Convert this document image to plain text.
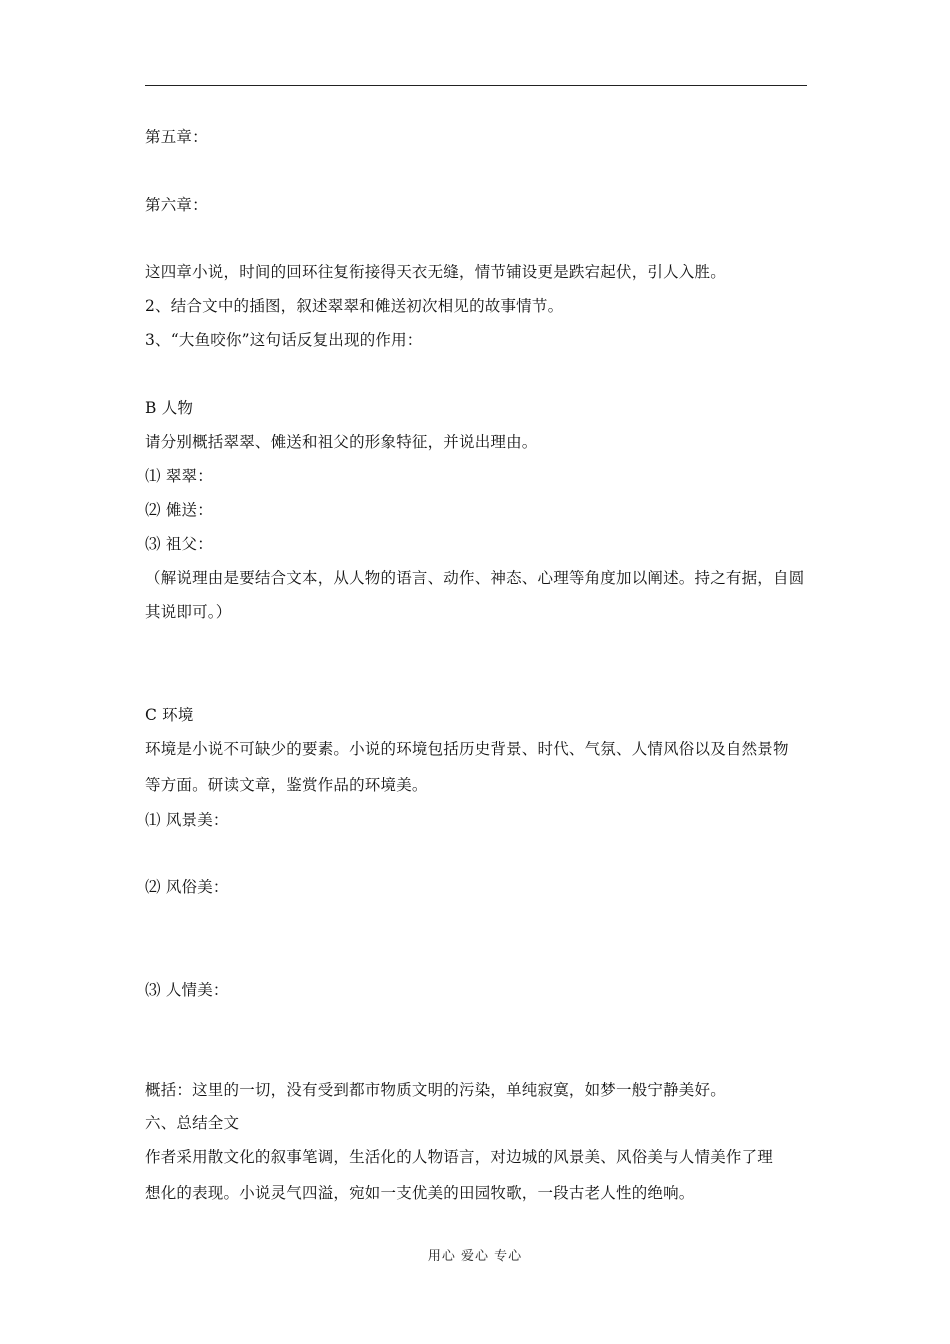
第五章：
第六章：
这四章小说，时间的回环往复衔接得天衣无缝，情节铺设更是跌宕起伏，引人入胜。
2、结合文中的插图，叙述翠翠和傩送初次相见的故事情节。
3、“大鱼咬你”这句话反复出现的作用：
B 人物
请分别概括翠翠、傩送和祖父的形象特征，并说出理由。
⑴ 翠翠：
⑵ 傩送：
⑶ 祖父：
（解说理由是要结合文本，从人物的语言、动作、神态、心理等角度加以阐述。持之有据，自圆
其说即可。）
C 环境
环境是小说不可缺少的要素。小说的环境包括历史背景、时代、气氛、人情风俗以及自然景物
等方面。研读文章，鉴赏作品的环境美。
⑴ 风景美：
⑵ 风俗美：
⑶ 人情美：
概括：这里的一切，没有受到都市物质文明的污染，单纯寂寞，如梦一般宁静美好。
六、总结全文
作者采用散文化的叙事笔调，生活化的人物语言，对边城的风景美、风俗美与人情美作了理
想化的表现。小说灵气四溢，宛如一支优美的田园牧歌，一段古老人性的绝响。
用心 爱心 专心
